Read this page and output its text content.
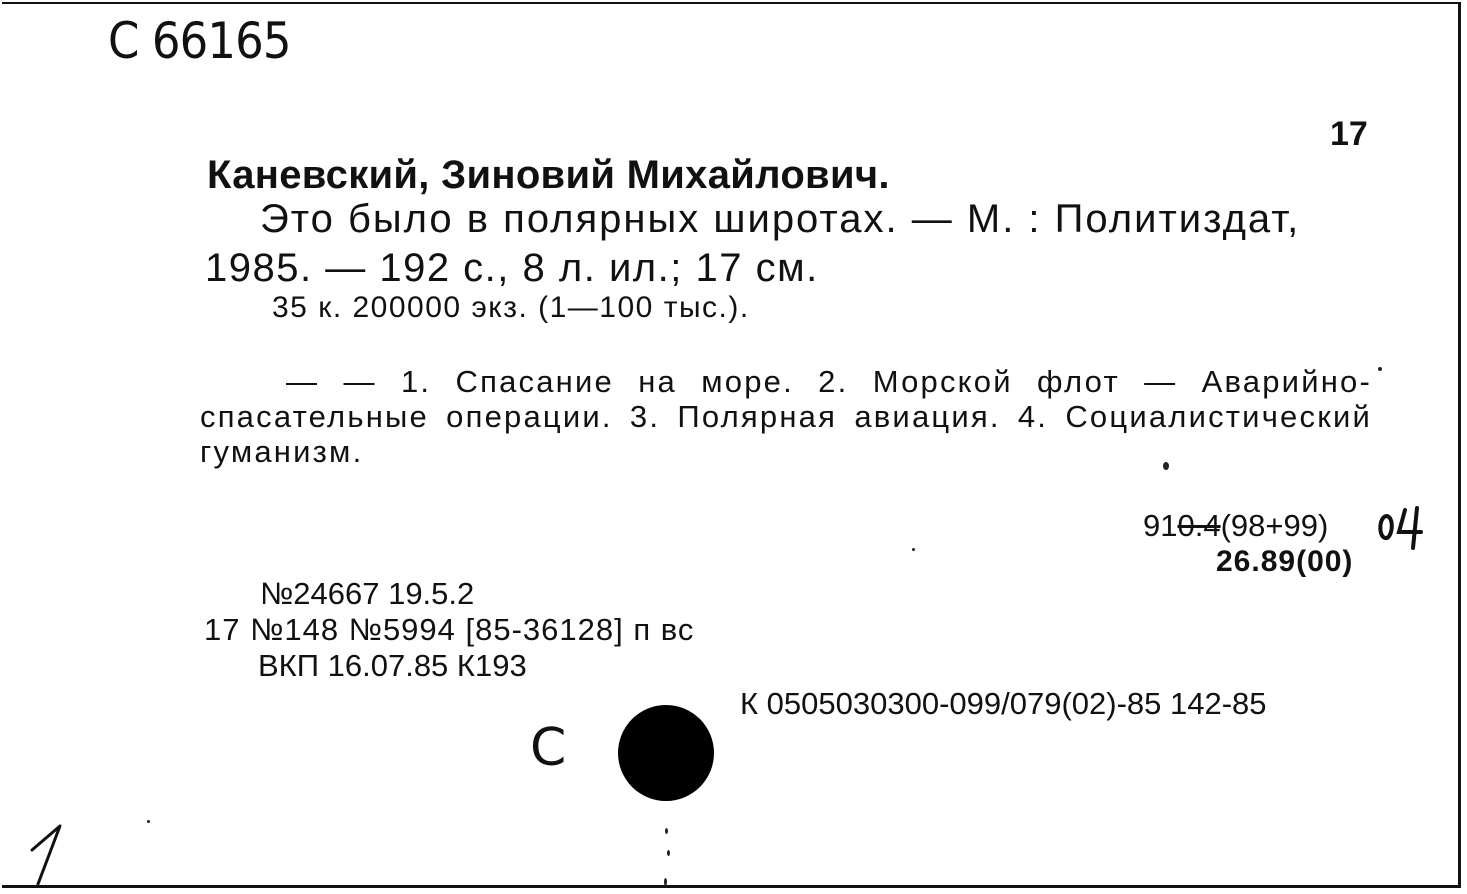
С 66165
17
Каневский, Зиновий Михайлович.
Это было в полярных широтах. — М. : Политиздат,
1985. — 192 с., 8 л. ил.; 17 см.
35 к. 200000 экз. (1—100 тыс.).
— — 1. Спасание на море. 2. Морской флот — Аварийно-спасательные операции. 3. Полярная авиация. 4. Социалистический гуманизм.
910.4(98+99)
26.89(00)
№24667 19.5.2
17 №148 №5994 [85-36128] п вс
ВКП 16.07.85 К193
К 0505030300-099/079(02)-85 142-85
С
